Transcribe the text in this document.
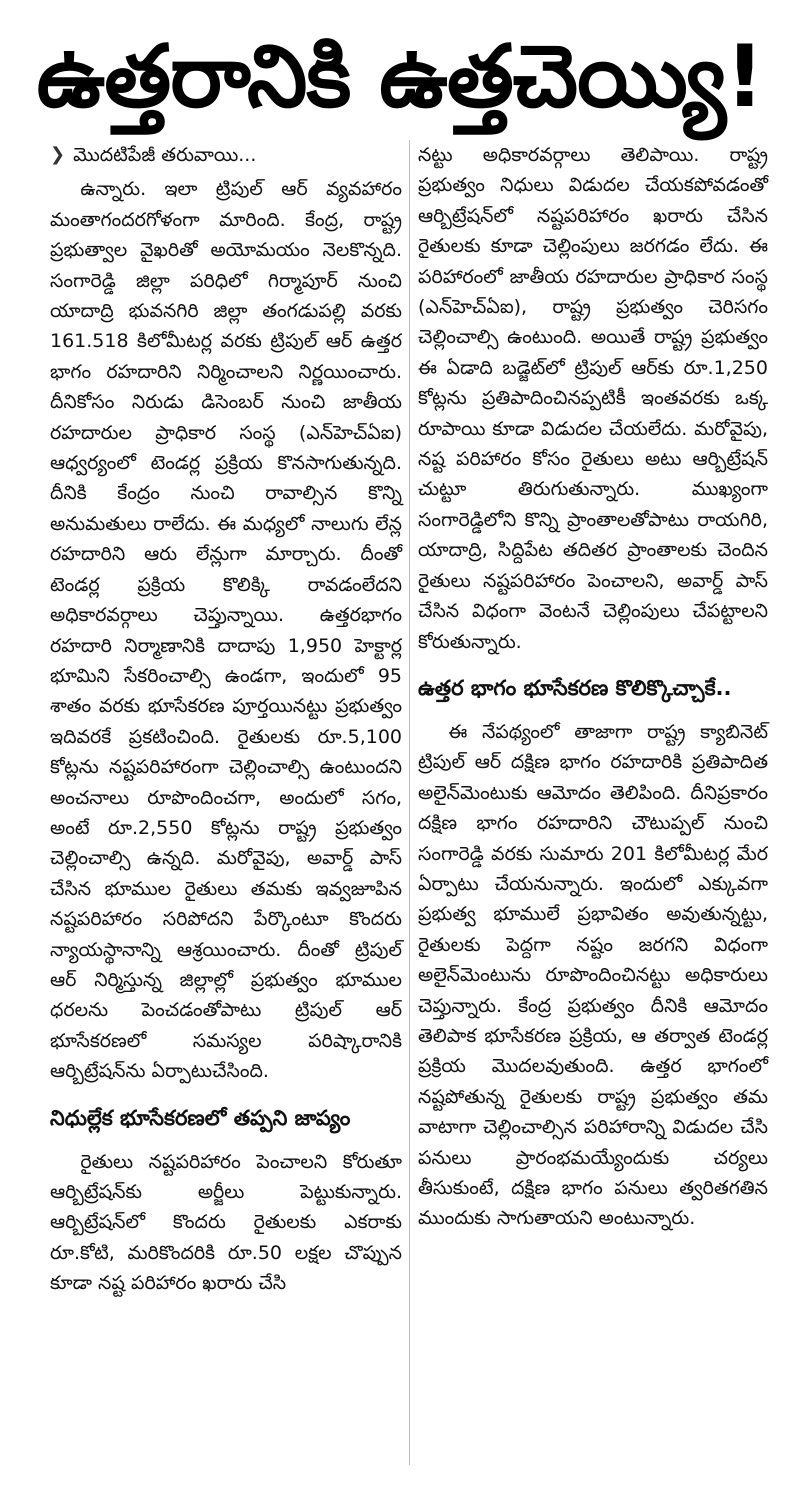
ఉత్తరానికి ఉత్తచెయ్యి!
❯ మొదటిపేజీ తరువాయి...

ఉన్నారు. ఇలా ట్రిపుల్ ఆర్ వ్యవహారం మంతాగందరగోళంగా మారింది. కేంద్ర, రాష్ట్ర ప్రభుత్వాల వైఖరితో అయోమయం నెలకొన్నది. సంగారెడ్డి జిల్లా పరిధిలో గిర్మాపూర్ నుంచి యాదాద్రి భువనగిరి జిల్లా తంగడుపల్లి వరకు 161.518 కిలోమీటర్ల వరకు ట్రిపుల్ ఆర్ ఉత్తర భాగం రహదారిని నిర్మించాలని నిర్ణయించారు. దీనికోసం నిరుడు డిసెంబర్ నుంచి జాతీయ రహదారుల ప్రాధికార సంస్థ (ఎన్‌హెచ్ఏఐ) ఆధ్వర్యంలో టెండర్ల ప్రక్రియ కొనసాగుతున్నది. దీనికి కేంద్రం నుంచి రావాల్సిన కొన్ని అనుమతులు రాలేదు. ఈ మధ్యలో నాలుగు లేన్ల రహదారిని ఆరు లేన్లుగా మార్చారు. దీంతో టెండర్ల ప్రక్రియ కొలిక్కి రావడంలేదని అధికారవర్గాలు చెప్తున్నాయి. ఉత్తరభాగం రహదారి నిర్మాణానికి దాదాపు 1,950 హెక్టార్ల భూమిని సేకరించాల్సి ఉండగా, ఇందులో 95 శాతం వరకు భూసేకరణ పూర్తయినట్టు ప్రభుత్వం ఇదివరకే ప్రకటించింది. రైతులకు రూ.5,100 కోట్లను నష్టపరిహారంగా చెల్లించాల్సి ఉంటుందని అంచనాలు రూపొందించగా, అందులో సగం, అంటే రూ.2,550 కోట్లను రాష్ట్ర ప్రభుత్వం చెల్లించాల్సి ఉన్నది. మరోవైపు, అవార్డ్ పాస్ చేసిన భూముల రైతులు తమకు ఇవ్వజూపిన నష్టపరిహారం సరిపోదని పేర్కొంటూ కొందరు న్యాయస్థానాన్ని ఆశ్రయించారు. దీంతో ట్రిపుల్ ఆర్ నిర్మిస్తున్న జిల్లాల్లో ప్రభుత్వం భూముల ధరలను పెంచడంతోపాటు ట్రిపుల్ ఆర్ భూసేకరణలో సమస్యల పరిష్కారానికి ఆర్బిట్రేషన్‌ను ఏర్పాటుచేసింది.

నిధుల్లేక భూసేకరణలో తప్పని జాప్యం

రైతులు నష్టపరిహారం పెంచాలని కోరుతూ ఆర్బిట్రేషన్‌కు అర్జీలు పెట్టుకున్నారు. ఆర్బిట్రేషన్‌లో కొందరు రైతులకు ఎకరాకు రూ.కోటి, మరికొందరికి రూ.50 లక్షల చొప్పున కూడా నష్ట పరిహారం ఖరారు చేసి

నట్టు అధికారవర్గాలు తెలిపాయి. రాష్ట్ర ప్రభుత్వం నిధులు విడుదల చేయకపోవడంతో ఆర్బిట్రేషన్‌లో నష్టపరిహారం ఖరారు చేసిన రైతులకు కూడా చెల్లింపులు జరగడం లేదు. ఈ పరిహారంలో జాతీయ రహదారుల ప్రాధికార సంస్థ (ఎన్‌హెచ్ఏఐ), రాష్ట్ర ప్రభుత్వం చెరిసగం చెల్లించాల్సి ఉంటుంది. అయితే రాష్ట్ర ప్రభుత్వం ఈ ఏడాది బడ్జెట్‌లో ట్రిపుల్ ఆర్‌కు రూ.1,250 కోట్లను ప్రతిపాదించినప్పటికీ ఇంతవరకు ఒక్క రూపాయి కూడా విడుదల చేయలేదు. మరోవైపు, నష్ట పరిహారం కోసం రైతులు అటు ఆర్బిట్రేషన్ చుట్టూ తిరుగుతున్నారు. ముఖ్యంగా సంగారెడ్డిలోని కొన్ని ప్రాంతాలతోపాటు రాయగిరి, యాదాద్రి, సిద్దిపేట తదితర ప్రాంతాలకు చెందిన రైతులు నష్టపరిహారం పెంచాలని, అవార్డ్ పాస్ చేసిన విధంగా వెంటనే చెల్లింపులు చేపట్టాలని కోరుతున్నారు.

ఉత్తర భాగం భూసేకరణ కొలిక్కొచ్చాకే..

ఈ నేపథ్యంలో తాజాగా రాష్ట్ర క్యాబినెట్ ట్రిపుల్ ఆర్ దక్షిణ భాగం రహదారికి ప్రతిపాదిత అలైన్‌మెంటుకు ఆమోదం తెలిపింది. దీనిప్రకారం దక్షిణ భాగం రహదారిని చౌటుప్పల్ నుంచి సంగారెడ్డి వరకు సుమారు 201 కిలోమీటర్ల మేర ఏర్పాటు చేయనున్నారు. ఇందులో ఎక్కువగా ప్రభుత్వ భూములే ప్రభావితం అవుతున్నట్టు, రైతులకు పెద్దగా నష్టం జరగని విధంగా అలైన్‌మెంటును రూపొందించినట్టు అధికారులు చెప్తున్నారు. కేంద్ర ప్రభుత్వం దీనికి ఆమోదం తెలిపాక భూసేకరణ ప్రక్రియ, ఆ తర్వాత టెండర్ల ప్రక్రియ మొదలవుతుంది. ఉత్తర భాగంలో నష్టపోతున్న రైతులకు రాష్ట్ర ప్రభుత్వం తమ వాటాగా చెల్లించాల్సిన పరిహారాన్ని విడుదల చేసి పనులు ప్రారంభమయ్యేందుకు చర్యలు తీసుకుంటే, దక్షిణ భాగం పనులు త్వరితగతిన ముందుకు సాగుతాయని అంటున్నారు.
